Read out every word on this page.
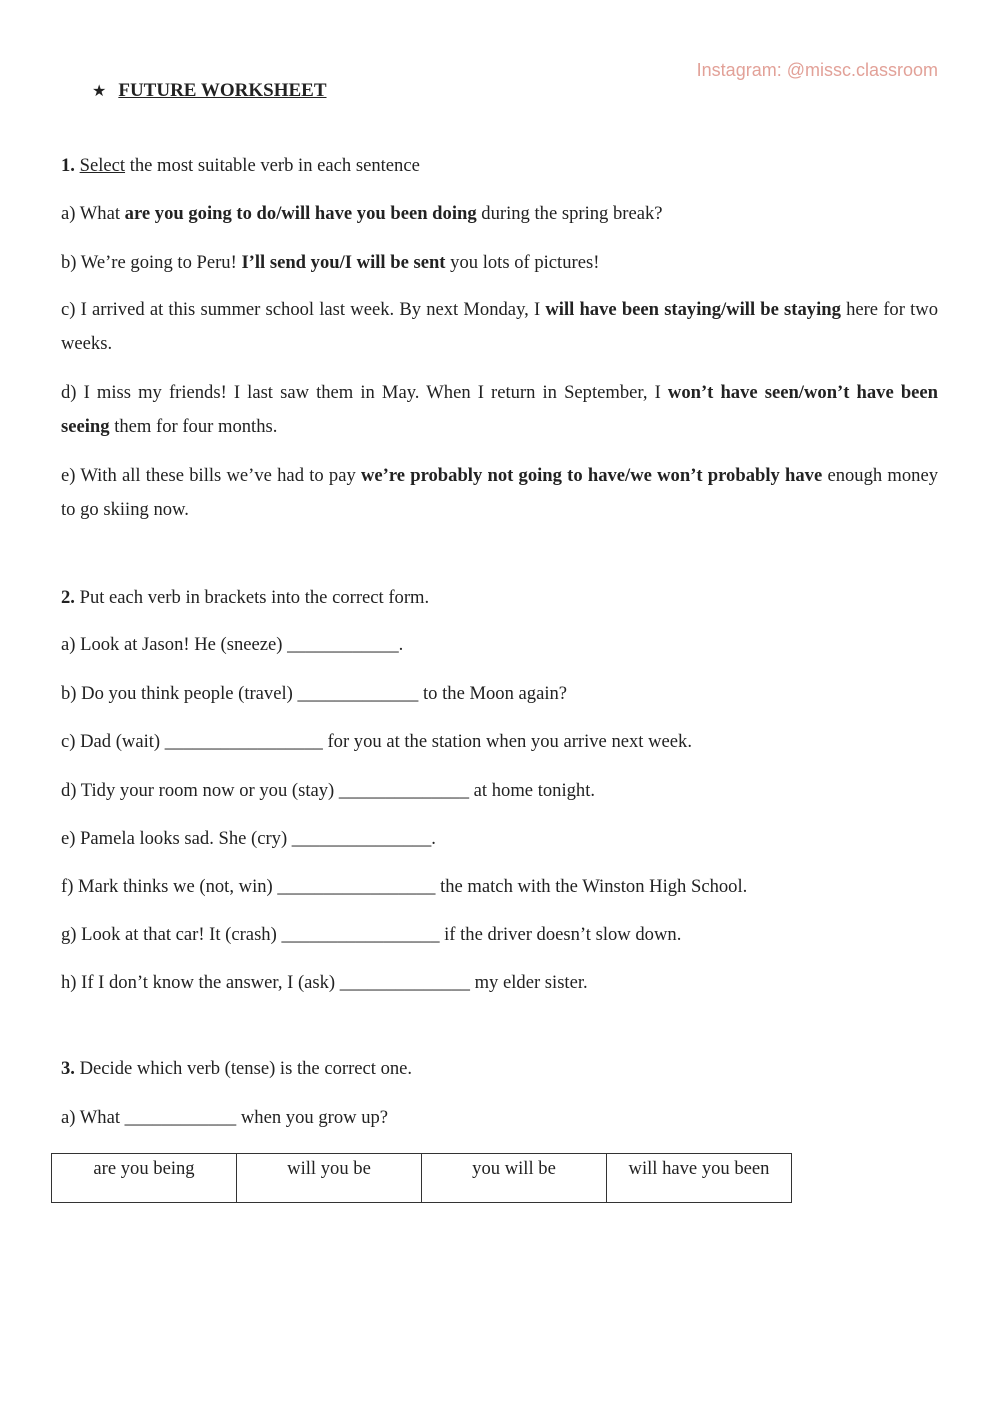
Instagram: @missc.classroom
★ FUTURE WORKSHEET
1. Select the most suitable verb in each sentence
a) What are you going to do/will have you been doing during the spring break?
b) We’re going to Peru! I’ll send you/I will be sent you lots of pictures!
c) I arrived at this summer school last week. By next Monday, I will have been staying/will be staying here for two weeks.
d) I miss my friends! I last saw them in May. When I return in September, I won’t have seen/won’t have been seeing them for four months.
e) With all these bills we’ve had to pay we’re probably not going to have/we won’t probably have enough money to go skiing now.
2. Put each verb in brackets into the correct form.
a) Look at Jason! He (sneeze) ____________.
b) Do you think people (travel) _____________ to the Moon again?
c) Dad (wait) _________________ for you at the station when you arrive next week.
d) Tidy your room now or you (stay) ______________ at home tonight.
e) Pamela looks sad. She (cry) _______________.
f) Mark thinks we (not, win) _________________ the match with the Winston High School.
g) Look at that car! It (crash) _________________ if the driver doesn’t slow down.
h) If I don’t know the answer, I (ask) ______________ my elder sister.
3. Decide which verb (tense) is the correct one.
a) What ____________ when you grow up?
are you being	will you be	you will be	will have you been
